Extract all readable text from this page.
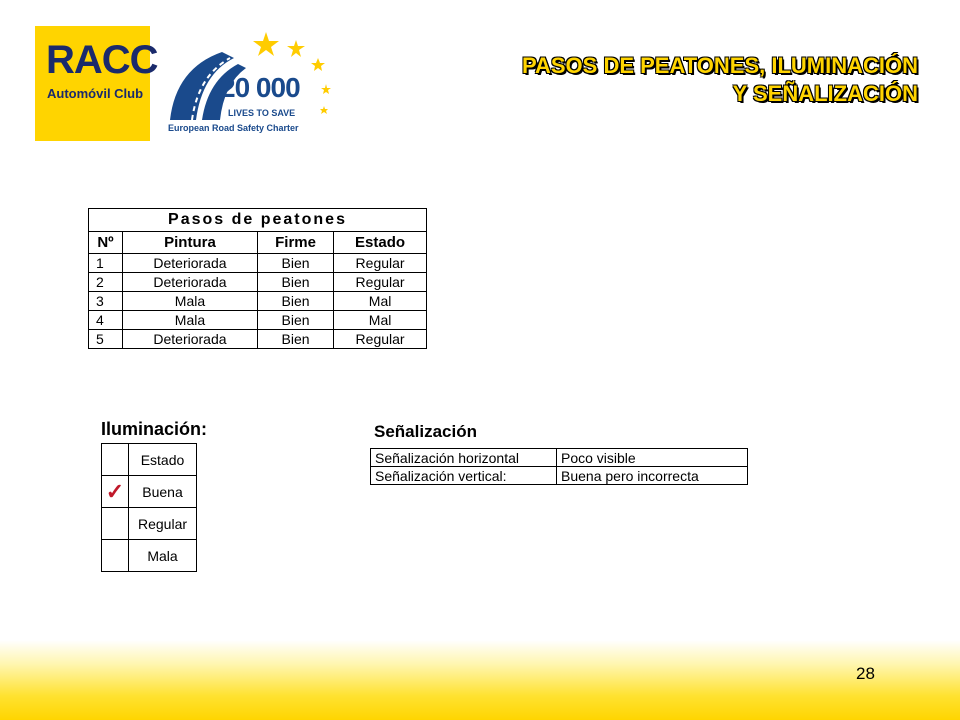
RACC
Automóvil Club	20 000
LIVES TO SAVE
European Road Safety Charter
PASOS DE PEATONES, ILUMINACIÓN
Y SEÑALIZACIÓN
Pasos de peatones			
Nº	Pintura	Firme	Estado
1	Deteriorada	Bien	Regular
2	Deteriorada	Bien	Regular
3	Mala	Bien	Mal
4	Mala	Bien	Mal
5	Deteriorada	Bien	Regular
Iluminación:
	Estado
✓	Buena
	Regular
	Mala
Señalización
Señalización horizontal	Poco visible
Señalización vertical:	Buena pero incorrecta
28
